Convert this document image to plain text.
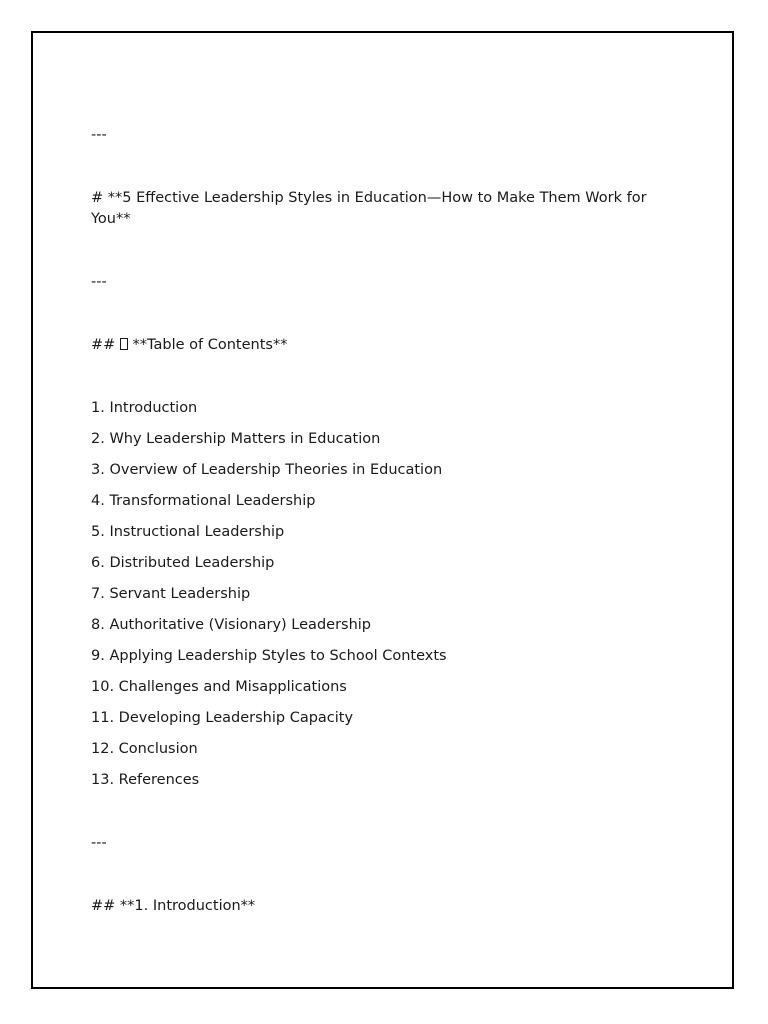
---

# **5 Effective Leadership Styles in Education—How to Make Them Work for You**

---

##  **Table of Contents**

1. Introduction

2. Why Leadership Matters in Education

3. Overview of Leadership Theories in Education

4. Transformational Leadership

5. Instructional Leadership

6. Distributed Leadership

7. Servant Leadership

8. Authoritative (Visionary) Leadership

9. Applying Leadership Styles to School Contexts

10. Challenges and Misapplications

11. Developing Leadership Capacity

12. Conclusion

13. References

---

## **1. Introduction**
